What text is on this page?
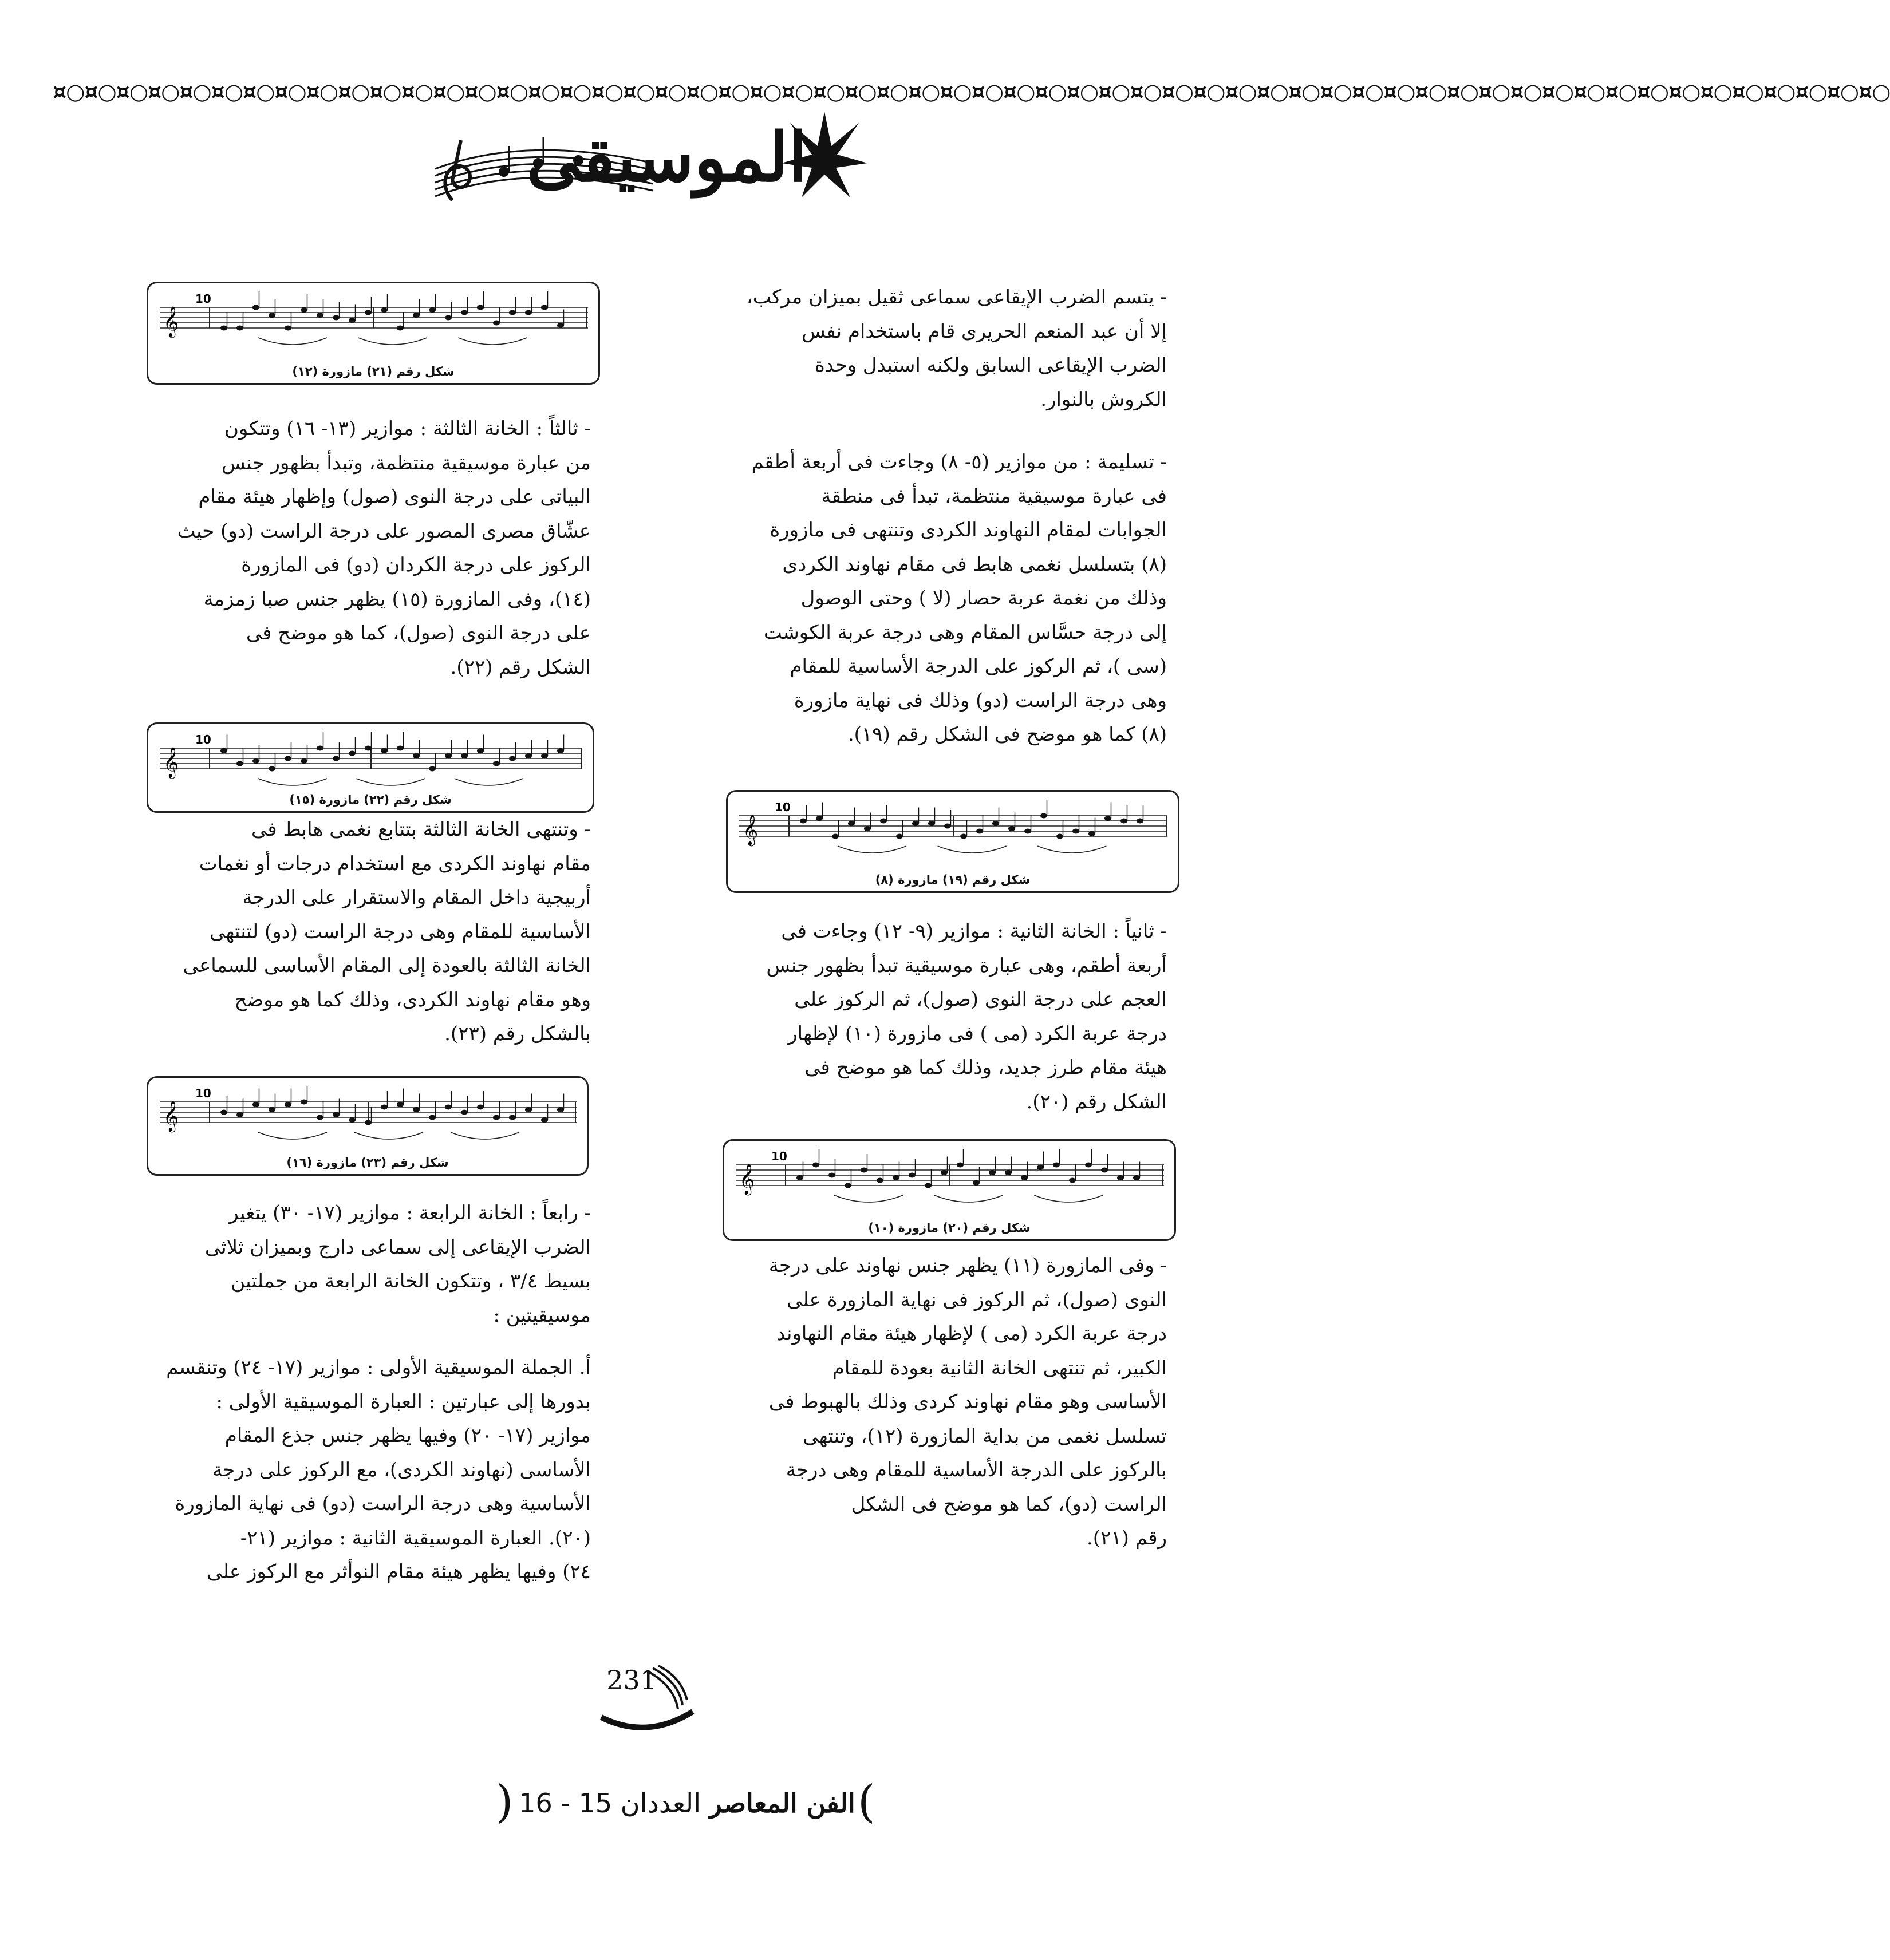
¤○¤○¤○¤○¤○¤○¤○¤○¤○¤○¤○¤○¤○¤○¤○¤○¤○¤○¤○¤○¤○¤○¤○¤○¤○¤○¤○¤○¤○¤○¤○¤○¤○¤○¤○¤○¤○¤○¤○¤○¤○¤○¤○¤○¤○¤○¤○¤○¤○¤○¤○¤○¤○¤○¤○¤○¤○¤○
الموسيقى

- يتسم الضرب الإيقاعى سماعى ثقيل بميزان مركب،
إلا أن عبد المنعم الحريرى قام باستخدام نفس
الضرب الإيقاعى السابق ولكنه استبدل وحدة
الكروش بالنوار.

- تسليمة : من موازير (٥- ٨) وجاءت فى أربعة أطقم
فى عبارة موسيقية منتظمة، تبدأ فى منطقة
الجوابات لمقام النهاوند الكردى وتنتهى فى مازورة
(٨) بتسلسل نغمى هابط فى مقام نهاوند الكردى
وذلك من نغمة عربة حصار (لا ) وحتى الوصول
إلى درجة حسَّاس المقام وهى درجة عربة الكوشت
(سى )، ثم الركوز على الدرجة الأساسية للمقام
وهى درجة الراست (دو) وذلك فى نهاية مازورة
(٨) كما هو موضح فى الشكل رقم (١٩).

- ثانياً : الخانة الثانية : موازير (٩- ١٢) وجاءت فى
أربعة أطقم، وهى عبارة موسيقية تبدأ بظهور جنس
العجم على درجة النوى (صول)، ثم الركوز على
درجة عربة الكرد (مى ) فى مازورة (١٠) لإظهار
هيئة مقام طرز جديد، وذلك كما هو موضح فى
الشكل رقم (٢٠).

- وفى المازورة (١١) يظهر جنس نهاوند على درجة
النوى (صول)، ثم الركوز فى نهاية المازورة على
درجة عربة الكرد (مى ) لإظهار هيئة مقام النهاوند
الكبير، ثم تنتهى الخانة الثانية بعودة للمقام
الأساسى وهو مقام نهاوند كردى وذلك بالهبوط فى
تسلسل نغمى من بداية المازورة (١٢)، وتنتهى
بالركوز على الدرجة الأساسية للمقام وهى درجة
الراست (دو)، كما هو موضح فى الشكل
رقم (٢١).

- ثالثاً : الخانة الثالثة : موازير (١٣- ١٦) وتتكون
من عبارة موسيقية منتظمة، وتبدأ بظهور جنس
البياتى على درجة النوى (صول) وإظهار هيئة مقام
عشّاق مصرى المصور على درجة الراست (دو) حيث
الركوز على درجة الكردان (دو) فى المازورة
(١٤)، وفى المازورة (١٥) يظهر جنس صبا زمزمة
على درجة النوى (صول)، كما هو موضح فى
الشكل رقم (٢٢).

- وتنتهى الخانة الثالثة بتتابع نغمى هابط فى
مقام نهاوند الكردى مع استخدام درجات أو نغمات
أربيجية داخل المقام والاستقرار على الدرجة
الأساسية للمقام وهى درجة الراست (دو) لتنتهى
الخانة الثالثة بالعودة إلى المقام الأساسى للسماعى
وهو مقام نهاوند الكردى، وذلك كما هو موضح
بالشكل رقم (٢٣).

- رابعاً : الخانة الرابعة : موازير (١٧- ٣٠) يتغير
الضرب الإيقاعى إلى سماعى دارج وبميزان ثلاثى
بسيط ٣/٤ ، وتتكون الخانة الرابعة من جملتين
موسيقيتين :

أ. الجملة الموسيقية الأولى : موازير (١٧- ٢٤) وتنقسم
بدورها إلى عبارتين : العبارة الموسيقية الأولى :
موازير (١٧- ٢٠) وفيها يظهر جنس جذع المقام
الأساسى (نهاوند الكردى)، مع الركوز على درجة
الأساسية وهى درجة الراست (دو) فى نهاية المازورة
(٢٠). العبارة الموسيقية الثانية : موازير (٢١-
٢٤) وفيها يظهر هيئة مقام النوأثر مع الركوز على

𝄞
10
شكل رقم (١٩) مازورة (٨)
𝄞
10
شكل رقم (٢٠) مازورة (١٠)
𝄞
10
شكل رقم (٢١) مازورة (١٢)
𝄞
10
شكل رقم (٢٢) مازورة (١٥)
𝄞
10
شكل رقم (٢٣) مازورة (١٦)
231
(
الفن المعاصر العددان 15 - 16
)
